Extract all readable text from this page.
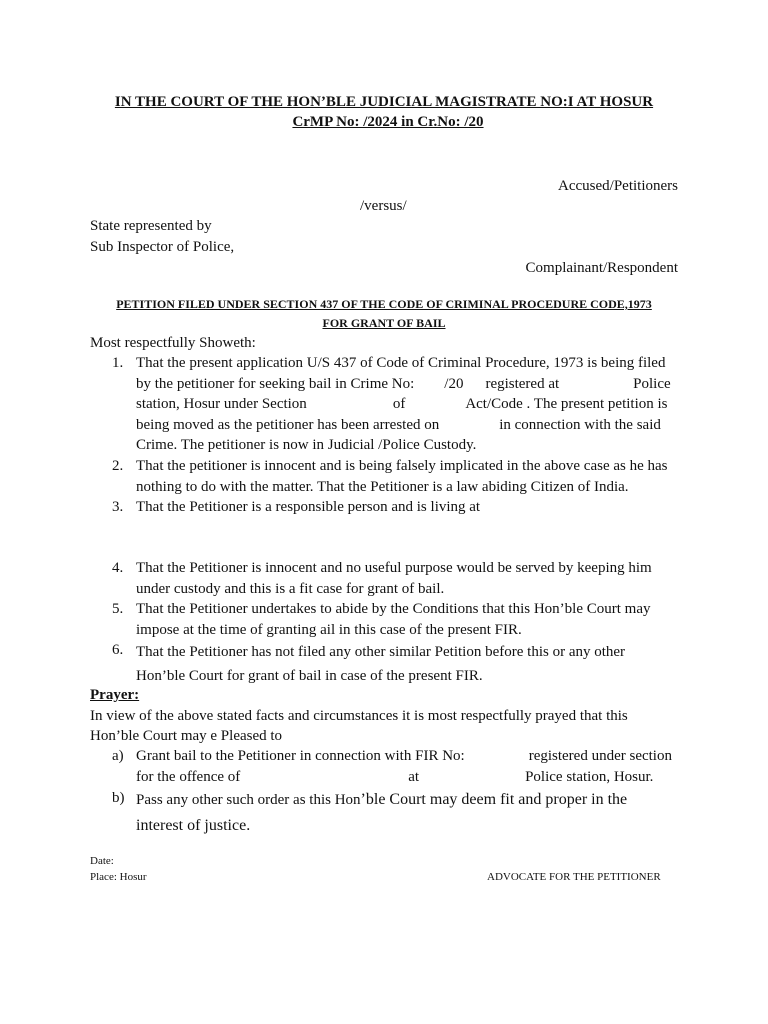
IN THE COURT OF THE HON’BLE JUDICIAL MAGISTRATE NO:I AT HOSUR
CrMP No: /2024 in Cr.No: /20
Accused/Petitioners
/versus/
State represented by
Sub Inspector of Police,
Complainant/Respondent
PETITION FILED UNDER SECTION 437 OF THE CODE OF CRIMINAL PROCEDURE CODE,1973
FOR GRANT OF BAIL
Most respectfully Showeth:
1. That the present application U/S 437 of Code of Criminal Procedure, 1973 is being filed
by the petitioner for seeking bail in Crime No: /20 registered at	Police
station, Hosur under Section	of	Act/Code . The present petition is
being moved as the petitioner has been arrested on	in connection with the said
Crime. The petitioner is now in Judicial /Police Custody.
2. That the petitioner is innocent and is being falsely implicated in the above case as he has
nothing to do with the matter. That the Petitioner is a law abiding Citizen of India.
3. That the Petitioner is a responsible person and is living at
4. That the Petitioner is innocent and no useful purpose would be served by keeping him
under custody and this is a fit case for grant of bail.
5. That the Petitioner undertakes to abide by the Conditions that this Hon’ble Court may
impose at the time of granting ail in this case of the present FIR.
6. That the Petitioner has not filed any other similar Petition before this or any other
Hon’ble Court for grant of bail in case of the present FIR.
Prayer:
In view of the above stated facts and circumstances it is most respectfully prayed that this
Hon’ble Court may e Pleased to
a) Grant bail to the Petitioner in connection with FIR No:	registered under section
for the offence of	at	Police station, Hosur.
b) Pass any other such order as this Hon’ble Court may deem fit and proper in the
interest of justice.
Date:
Place: Hosur	ADVOCATE FOR THE PETITIONER
